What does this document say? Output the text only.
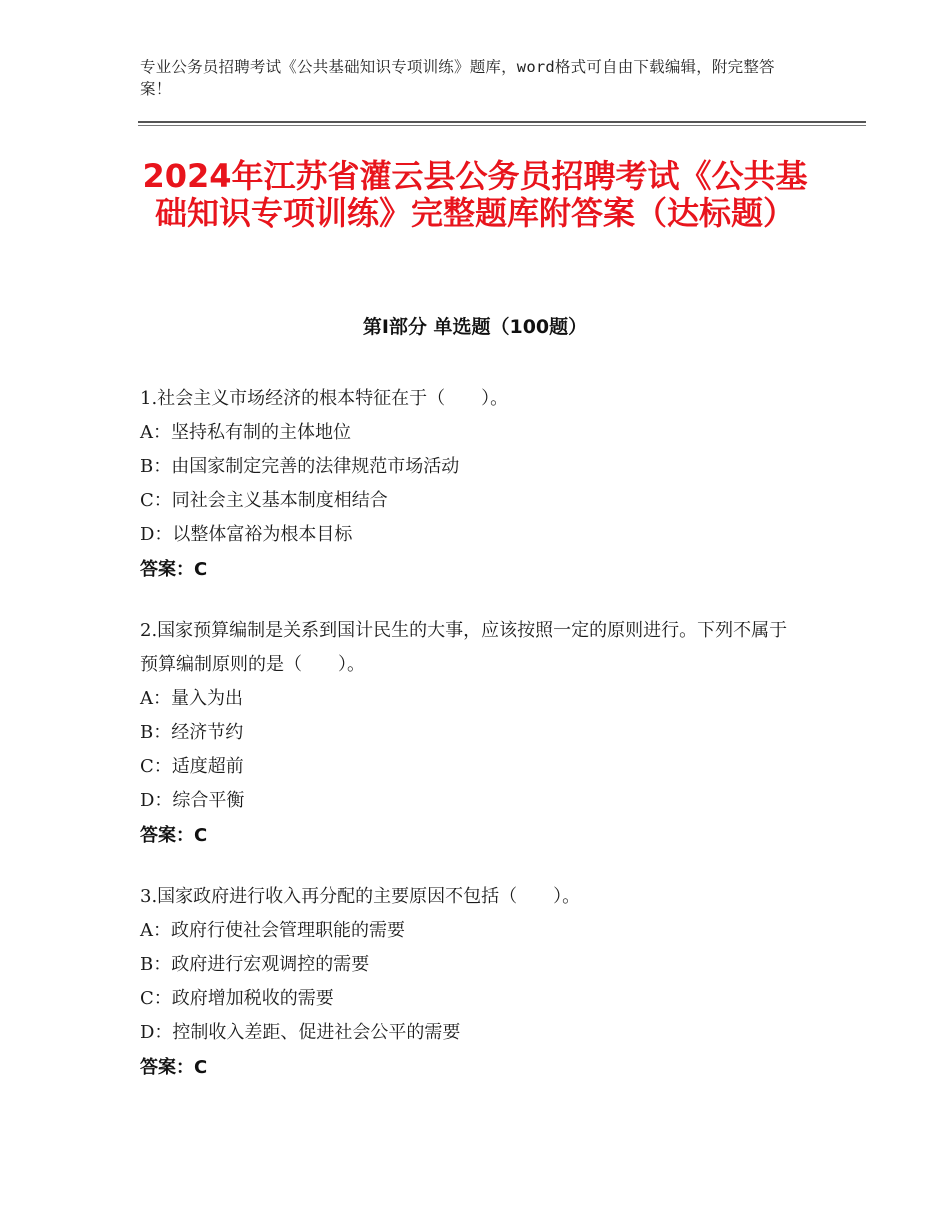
专业公务员招聘考试《公共基础知识专项训练》题库，word格式可自由下载编辑，附完整答案！
2024年江苏省灌云县公务员招聘考试《公共基础知识专项训练》完整题库附答案（达标题）
第Ⅰ部分 单选题（100题）

1.社会主义市场经济的根本特征在于（　　）。

A：坚持私有制的主体地位

B：由国家制定完善的法律规范市场活动

C：同社会主义基本制度相结合

D：以整体富裕为根本目标

答案：C

2.国家预算编制是关系到国计民生的大事，应该按照一定的原则进行。下列不属于预算编制原则的是（　　）。

A：量入为出

B：经济节约

C：适度超前

D：综合平衡

答案：C

3.国家政府进行收入再分配的主要原因不包括（　　）。

A：政府行使社会管理职能的需要

B：政府进行宏观调控的需要

C：政府增加税收的需要

D：控制收入差距、促进社会公平的需要

答案：C
